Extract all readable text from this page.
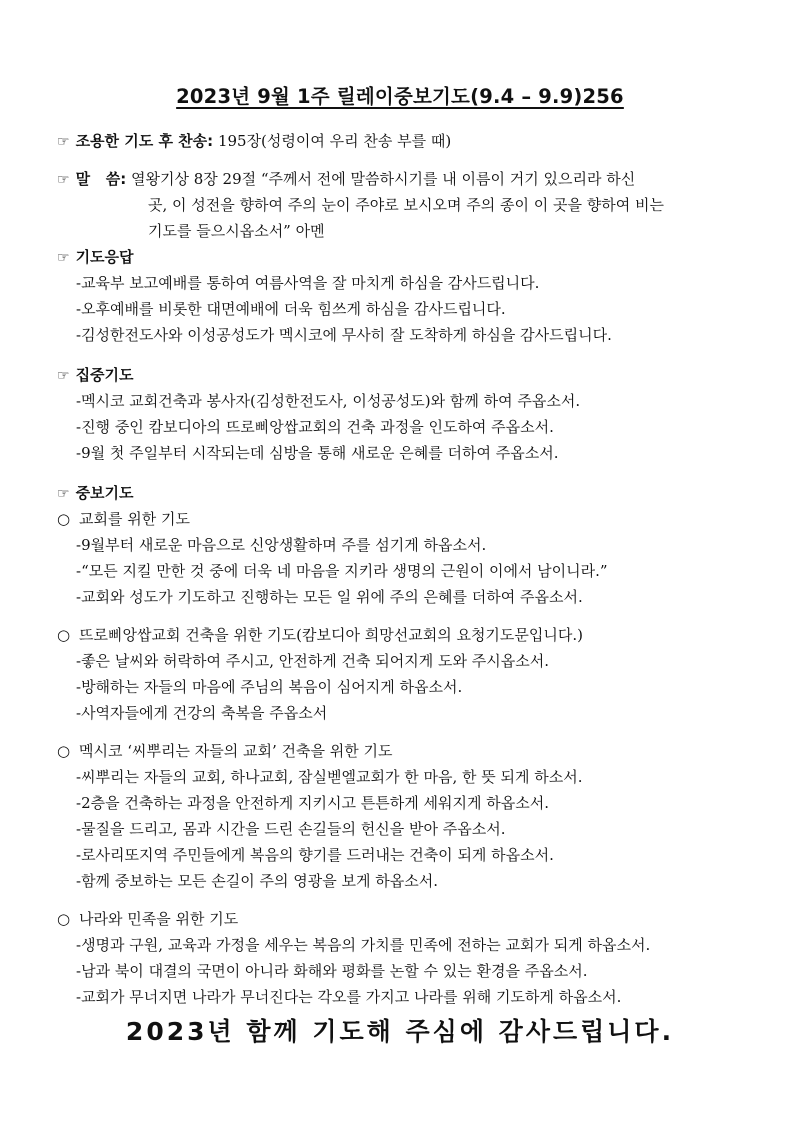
2023년 9월 1주 릴레이중보기도(9.4 – 9.9)256
☞ 조용한 기도 후 찬송: 195장(성령이여 우리 찬송 부를 때)
☞ 말   씀: 열왕기상 8장 29절 “주께서 전에 말씀하시기를 내 이름이 거기 있으리라 하신
곳, 이 성전을 향하여 주의 눈이 주야로 보시오며 주의 종이 이 곳을 향하여 비는
기도를 들으시옵소서” 아멘
☞ 기도응답
-교육부 보고예배를 통하여 여름사역을 잘 마치게 하심을 감사드립니다.
-오후예배를 비롯한 대면예배에 더욱 힘쓰게 하심을 감사드립니다.
-김성한전도사와 이성공성도가 멕시코에 무사히 잘 도착하게 하심을 감사드립니다.
☞ 집중기도
-멕시코 교회건축과 봉사자(김성한전도사, 이성공성도)와 함께 하여 주옵소서.
-진행 중인 캄보디아의 뜨로삐앙쌉교회의 건축 과정을 인도하여 주옵소서.
-9월 첫 주일부터 시작되는데 심방을 통해 새로운 은혜를 더하여 주옵소서.
☞ 중보기도
○ 교회를 위한 기도
-9월부터 새로운 마음으로 신앙생활하며 주를 섬기게 하옵소서.
-“모든 지킬 만한 것 중에 더욱 네 마음을 지키라 생명의 근원이 이에서 남이니라.”
-교회와 성도가 기도하고 진행하는 모든 일 위에 주의 은혜를 더하여 주옵소서.
○ 뜨로삐앙쌉교회 건축을 위한 기도(캄보디아 희망선교회의 요청기도문입니다.)
-좋은 날씨와 허락하여 주시고, 안전하게 건축 되어지게 도와 주시옵소서.
-방해하는 자들의 마음에 주님의 복음이 심어지게 하옵소서.
-사역자들에게 건강의 축복을 주옵소서
○ 멕시코 ‘씨뿌리는 자들의 교회’ 건축을 위한 기도
-씨뿌리는 자들의 교회, 하나교회, 잠실벧엘교회가 한 마음, 한 뜻 되게 하소서.
-2층을 건축하는 과정을 안전하게 지키시고 튼튼하게 세워지게 하옵소서.
-물질을 드리고, 몸과 시간을 드린 손길들의 헌신을 받아 주옵소서.
-로사리또지역 주민들에게 복음의 향기를 드러내는 건축이 되게 하옵소서.
-함께 중보하는 모든 손길이 주의 영광을 보게 하옵소서.
○ 나라와 민족을 위한 기도
-생명과 구원, 교육과 가정을 세우는 복음의 가치를 민족에 전하는 교회가 되게 하옵소서.
-남과 북이 대결의 국면이 아니라 화해와 평화를 논할 수 있는 환경을 주옵소서.
-교회가 무너지면 나라가 무너진다는 각오를 가지고 나라를 위해 기도하게 하옵소서.
2023년 함께 기도해 주심에 감사드립니다.
